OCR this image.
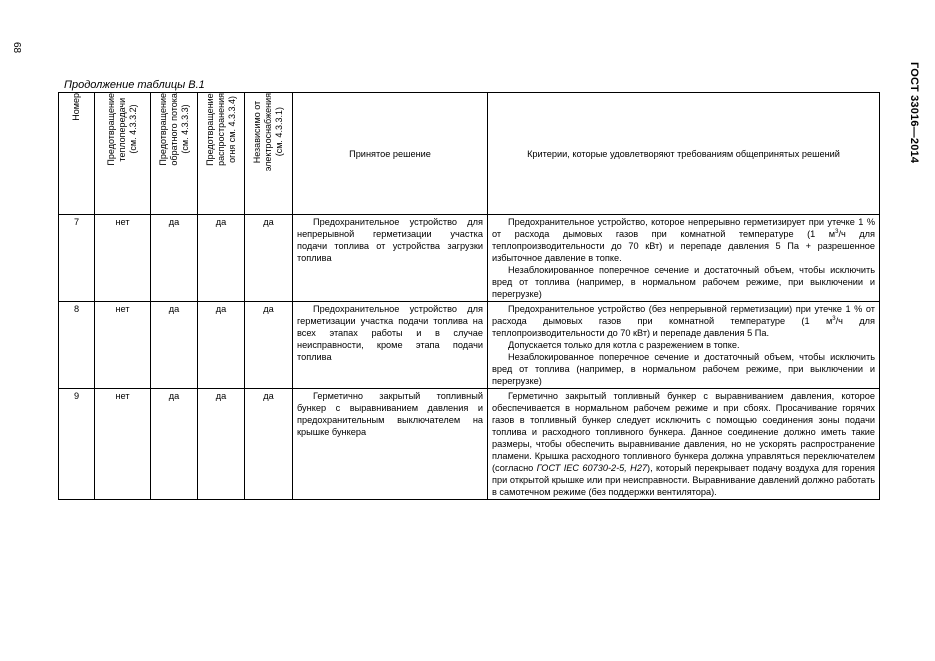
68
ГОСТ 33016—2014
Продолжение таблицы В.1
Номер	Предотвращение
теплопередачи
(см. 4.3.3.2)	Предотвращение
обратного потока
(см. 4.3.3.3)	Предотвращение
распространения
огня см. 4.3.3.4)	Независимо от
электроснабжения
(см. 4.3.3.1)	Принятое решение	Критерии, которые удовлетворяют требованиям общепринятых решений
7	нет	да	да	да	Предохранительное устройство для непрерывной герметизации участка подачи топлива от устройства загрузки топлива	Предохранительное устройство, которое непрерывно герметизирует при утечке 1 % от расхода дымовых газов при комнатной температуре (1 $м^3/ч$ для теплопроизводительности до 70 кВт) и перепаде давления 5 Па + разрешенное избыточное давление в топке.
Незаблокированное поперечное сечение и достаточный объем, чтобы исключить вред от топлива (например, в нормальном рабочем режиме, при выключении и перегрузке)

8	нет	да	да	да	Предохранительное устройство для герметизации участка подачи топлива на всех этапах работы и в случае неисправности, кроме этапа подачи топлива	Предохранительное устройство (без непрерывной герметизации) при утечке 1 % от расхода дымовых газов при комнатной температуре (1 $м^3/ч$ для теплопроизводительности до 70 кВт) и перепаде давления 5 Па.
Допускается только для котла с разрежением в топке.
Незаблокированное поперечное сечение и достаточный объем, чтобы исключить вред от топлива (например, в нормальном рабочем режиме, при выключении и перегрузке)

9	нет	да	да	да	Герметично закрытый топливный бункер с выравниванием давления и предохранительным выключателем на крышке бункера	Герметично закрытый топливный бункер с выравниванием давления, которое обеспечивается в нормальном рабочем режиме и при сбоях. Просачивание горячих газов в топливный бункер следует исключить с помощью соединения зоны подачи топлива и расходного топливного бункера. Данное соединение должно иметь такие размеры, чтобы обеспечить выравнивание давления, но не ускорять распространение пламени. Крышка расходного топливного бункера должна управляться переключателем (согласно ГОСТ IEC 60730-2-5, Н27), который перекрывает подачу воздуха для горения при открытой крышке или при неисправности. Выравнивание давлений должно работать в самотечном режиме (без поддержки вентилятора).
